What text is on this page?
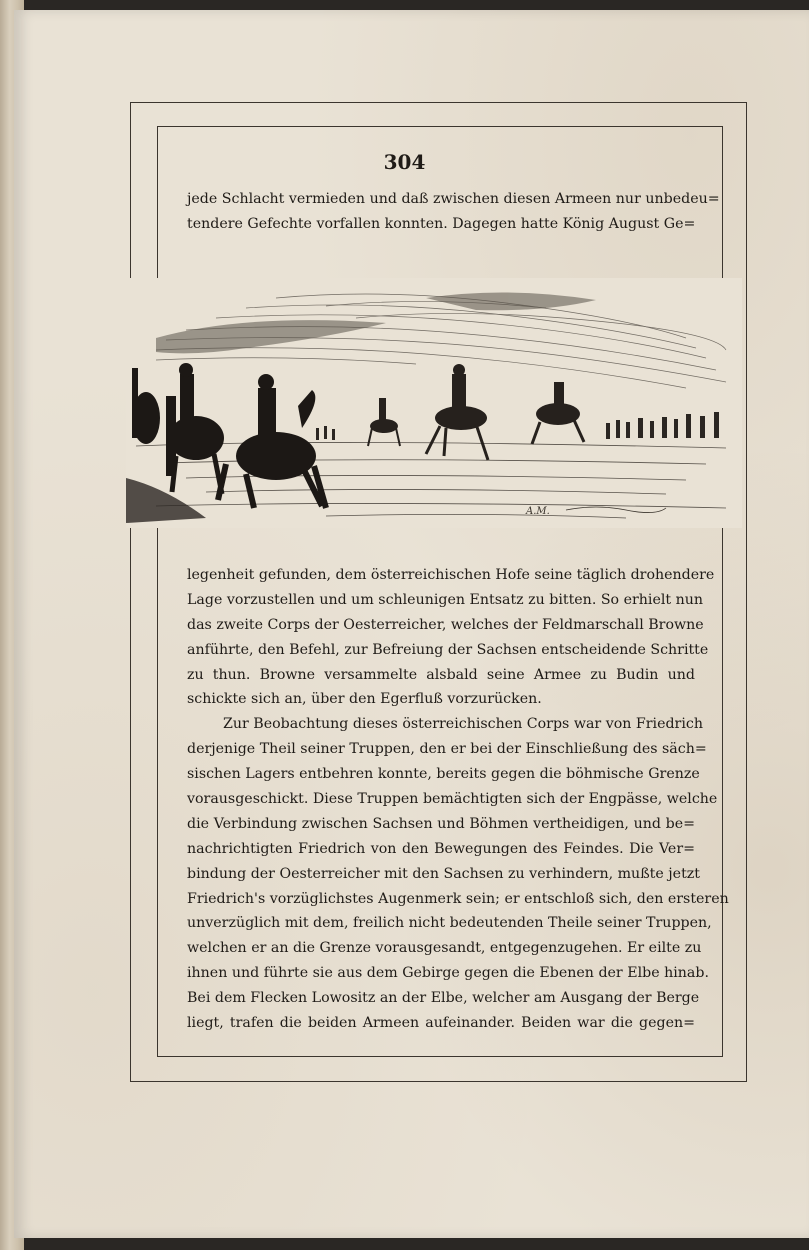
304
jede Schlacht vermieden und daß zwischen diesen Armeen nur unbedeu=
tendere Gefechte vorfallen konnten. Dagegen hatte König August Ge=
A.M.
legenheit gefunden, dem österreichischen Hofe seine täglich drohendere
Lage vorzustellen und um schleunigen Entsatz zu bitten. So erhielt nun
das zweite Corps der Oesterreicher, welches der Feldmarschall Browne
anführte, den Befehl, zur Befreiung der Sachsen entscheidende Schritte
zu thun. Browne versammelte alsbald seine Armee zu Budin und
schickte sich an, über den Egerfluß vorzurücken.
Zur Beobachtung dieses österreichischen Corps war von Friedrich
derjenige Theil seiner Truppen, den er bei der Einschließung des säch=
sischen Lagers entbehren konnte, bereits gegen die böhmische Grenze
vorausgeschickt. Diese Truppen bemächtigten sich der Engpässe, welche
die Verbindung zwischen Sachsen und Böhmen vertheidigen, und be=
nachrichtigten Friedrich von den Bewegungen des Feindes. Die Ver=
bindung der Oesterreicher mit den Sachsen zu verhindern, mußte jetzt
Friedrich's vorzüglichstes Augenmerk sein; er entschloß sich, den ersteren
unverzüglich mit dem, freilich nicht bedeutenden Theile seiner Truppen,
welchen er an die Grenze vorausgesandt, entgegenzugehen. Er eilte zu
ihnen und führte sie aus dem Gebirge gegen die Ebenen der Elbe hinab.
Bei dem Flecken Lowositz an der Elbe, welcher am Ausgang der Berge
liegt, trafen die beiden Armeen aufeinander. Beiden war die gegen=
